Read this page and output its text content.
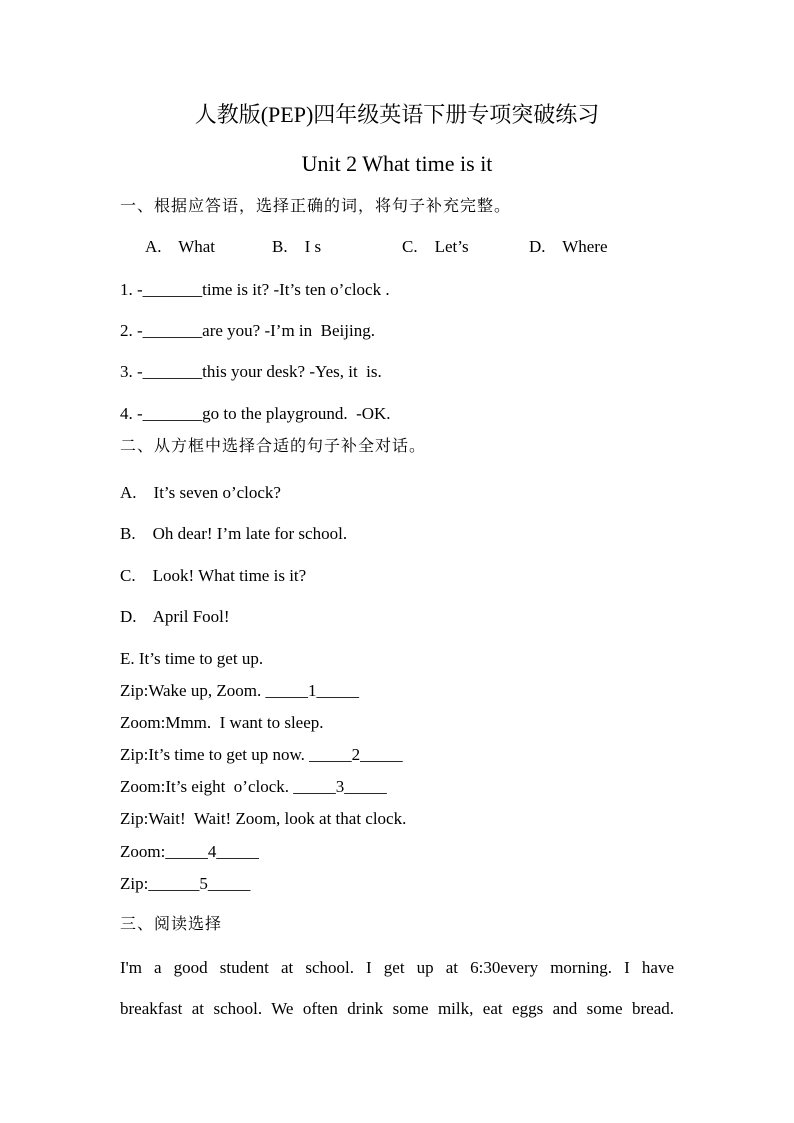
人教版(PEP)四年级英语下册专项突破练习
Unit 2 What time is it
一、根据应答语，选择正确的词，将句子补充完整。
A.    What	B.    I s	C.    Let’s	D.    Where
1. -_______time is it? -It’s ten o’clock .
2. -_______are you? -I’m in  Beijing.
3. -_______this your desk? -Yes, it  is.
4. -_______go to the playground.  -OK.
二、从方框中选择合适的句子补全对话。
A.    It’s seven o’clock?
B.    Oh dear! I’m late for school.
C.    Look! What time is it?
D.    April Fool!
E. It’s time to get up.
Zip:Wake up, Zoom. _____1_____
Zoom:Mmm.  I want to sleep.
Zip:It’s time to get up now. _____2_____
Zoom:It’s eight  o’clock. _____3_____
Zip:Wait!  Wait! Zoom, look at that clock.
Zoom:_____4_____
Zip:______5_____
三、阅读选择
I'm a good student at school. I get up at 6:30every morning. I have
breakfast at school. We often drink some milk, eat eggs and some bread.
